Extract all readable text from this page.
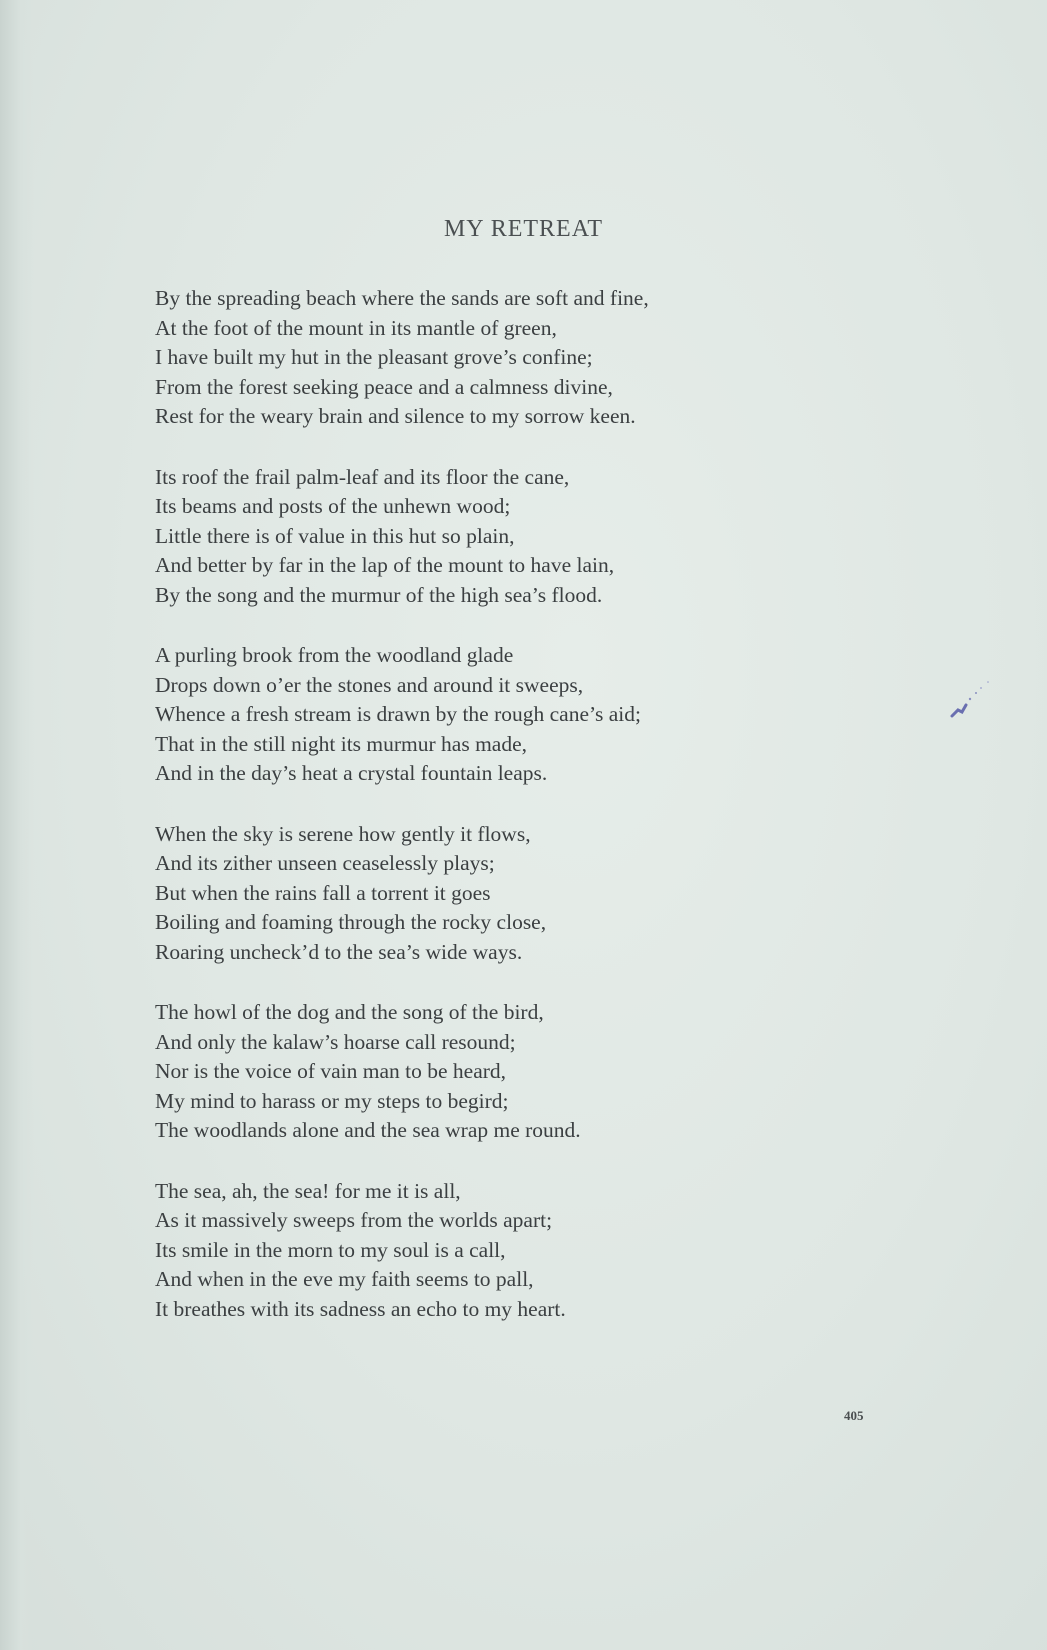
MY RETREAT
By the spreading beach where the sands are soft and fine,
At the foot of the mount in its mantle of green,
I have built my hut in the pleasant grove’s confine;
From the forest seeking peace and a calmness divine,
Rest for the weary brain and silence to my sorrow keen.
Its roof the frail palm-leaf and its floor the cane,
Its beams and posts of the unhewn wood;
Little there is of value in this hut so plain,
And better by far in the lap of the mount to have lain,
By the song and the murmur of the high sea’s flood.
A purling brook from the woodland glade
Drops down o’er the stones and around it sweeps,
Whence a fresh stream is drawn by the rough cane’s aid;
That in the still night its murmur has made,
And in the day’s heat a crystal fountain leaps.
When the sky is serene how gently it flows,
And its zither unseen ceaselessly plays;
But when the rains fall a torrent it goes
Boiling and foaming through the rocky close,
Roaring uncheck’d to the sea’s wide ways.
The howl of the dog and the song of the bird,
And only the kalaw’s hoarse call resound;
Nor is the voice of vain man to be heard,
My mind to harass or my steps to begird;
The woodlands alone and the sea wrap me round.
The sea, ah, the sea! for me it is all,
As it massively sweeps from the worlds apart;
Its smile in the morn to my soul is a call,
And when in the eve my faith seems to pall,
It breathes with its sadness an echo to my heart.
405
